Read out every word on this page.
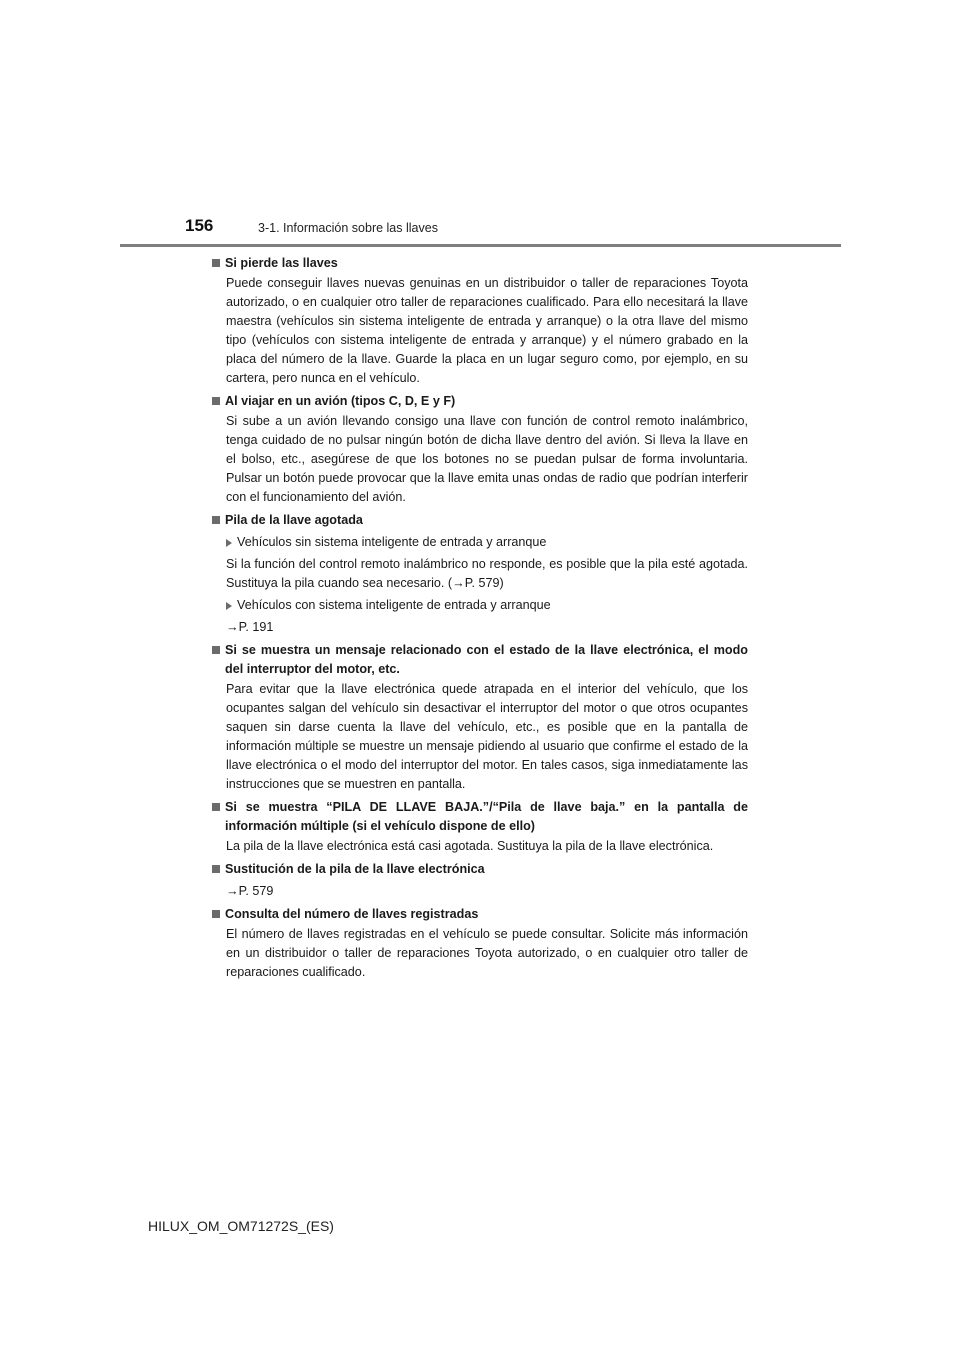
156	3-1. Información sobre las llaves
Si pierde las llaves
Puede conseguir llaves nuevas genuinas en un distribuidor o taller de reparaciones Toyota autorizado, o en cualquier otro taller de reparaciones cualificado. Para ello necesitará la llave maestra (vehículos sin sistema inteligente de entrada y arranque) o la otra llave del mismo tipo (vehículos con sistema inteligente de entrada y arranque) y el número grabado en la placa del número de la llave. Guarde la placa en un lugar seguro como, por ejemplo, en su cartera, pero nunca en el vehículo.
Al viajar en un avión (tipos C, D, E y F)
Si sube a un avión llevando consigo una llave con función de control remoto inalámbrico, tenga cuidado de no pulsar ningún botón de dicha llave dentro del avión. Si lleva la llave en el bolso, etc., asegúrese de que los botones no se puedan pulsar de forma involuntaria. Pulsar un botón puede provocar que la llave emita unas ondas de radio que podrían interferir con el funcionamiento del avión.
Pila de la llave agotada
Vehículos sin sistema inteligente de entrada y arranque
Si la función del control remoto inalámbrico no responde, es posible que la pila esté agotada. Sustituya la pila cuando sea necesario. (→P. 579)
Vehículos con sistema inteligente de entrada y arranque
→P. 191
Si se muestra un mensaje relacionado con el estado de la llave electrónica, el modo del interruptor del motor, etc.
Para evitar que la llave electrónica quede atrapada en el interior del vehículo, que los ocupantes salgan del vehículo sin desactivar el interruptor del motor o que otros ocupantes saquen sin darse cuenta la llave del vehículo, etc., es posible que en la pantalla de información múltiple se muestre un mensaje pidiendo al usuario que confirme el estado de la llave electrónica o el modo del interruptor del motor. En tales casos, siga inmediatamente las instrucciones que se muestren en pantalla.
Si se muestra “PILA DE LLAVE BAJA.”/“Pila de llave baja.” en la pantalla de información múltiple (si el vehículo dispone de ello)
La pila de la llave electrónica está casi agotada. Sustituya la pila de la llave electrónica.
Sustitución de la pila de la llave electrónica
→P. 579
Consulta del número de llaves registradas
El número de llaves registradas en el vehículo se puede consultar. Solicite más información en un distribuidor o taller de reparaciones Toyota autorizado, o en cualquier otro taller de reparaciones cualificado.
HILUX_OM_OM71272S_(ES)
